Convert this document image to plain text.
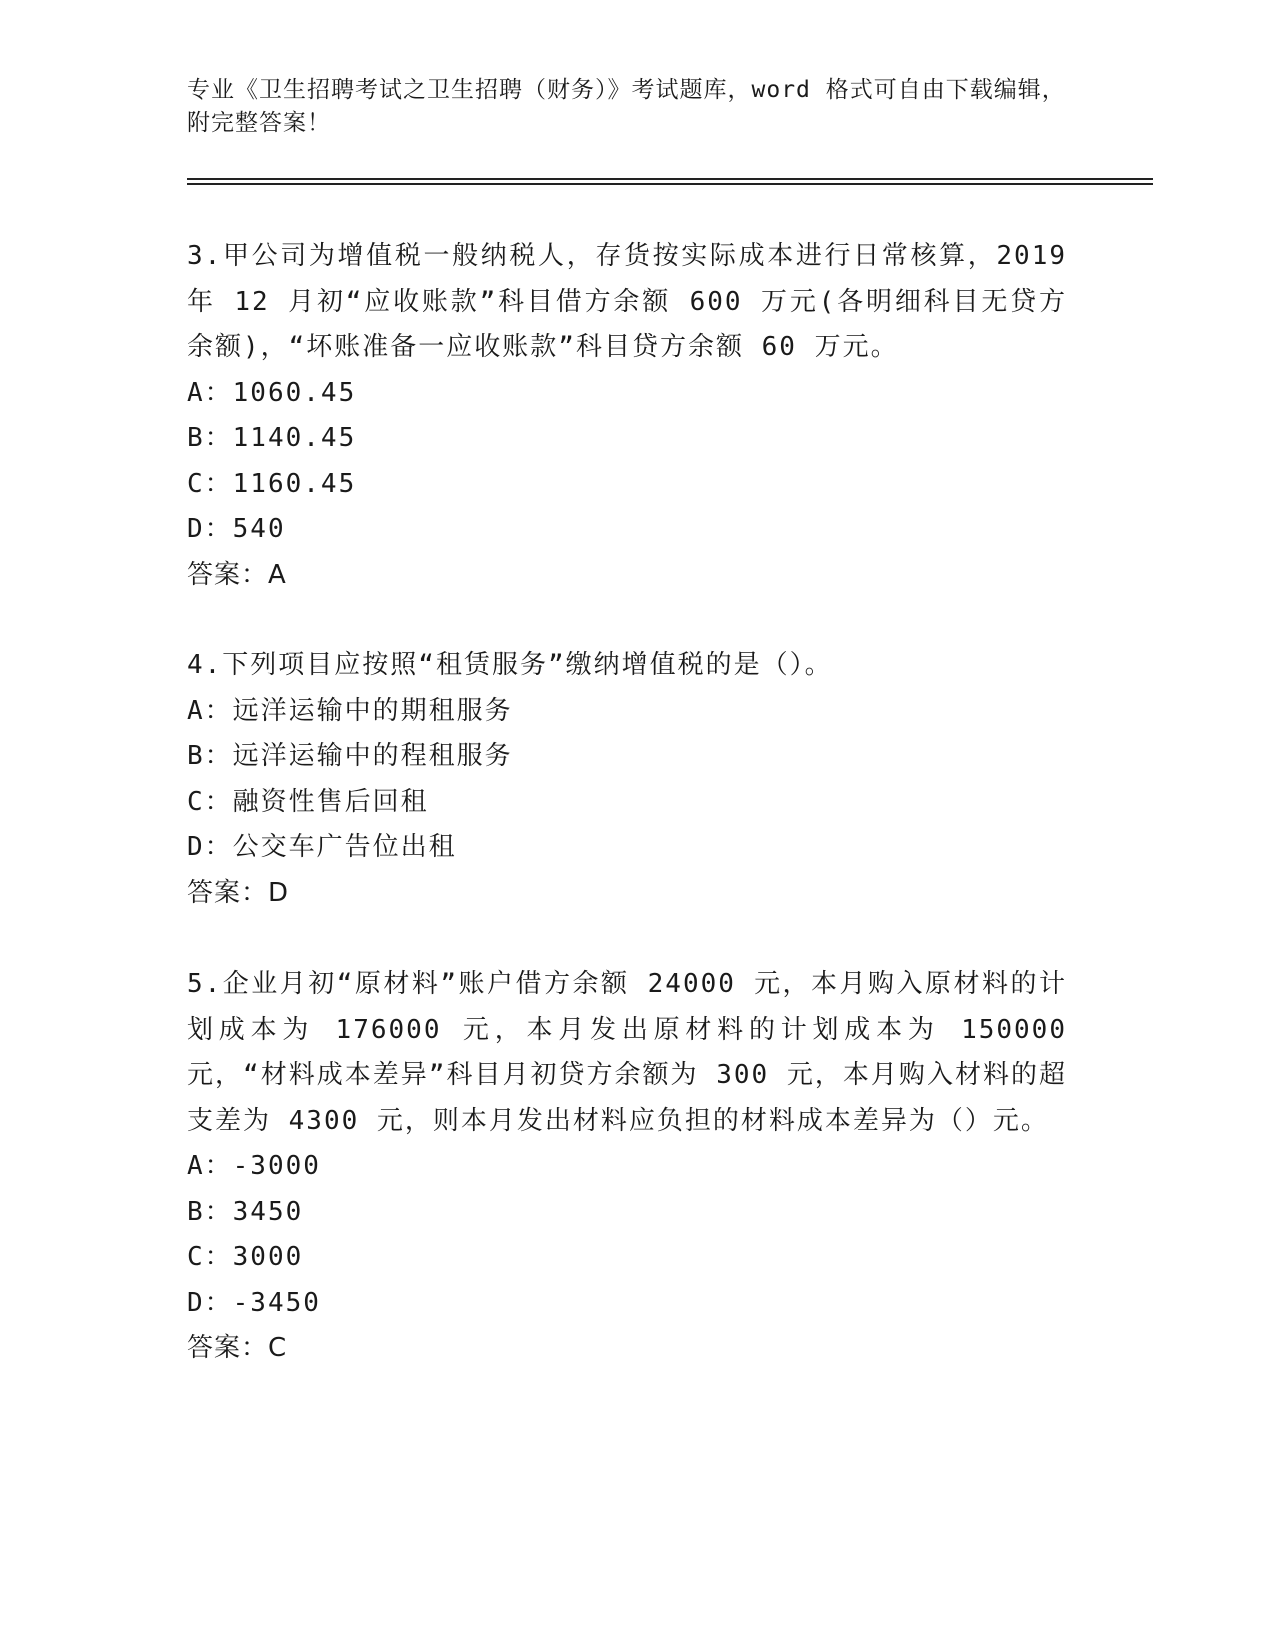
专业《卫生招聘考试之卫生招聘（财务）》考试题库，word 格式可自由下载编辑，附完整答案！
3.甲公司为增值税一般纳税人，存货按实际成本进行日常核算，2019 年 12 月初“应收账款”科目借方余额 600 万元(各明细科目无贷方余额)，“坏账准备一应收账款”科目贷方余额 60 万元。
A：1060.45
B：1140.45
C：1160.45
D：540
答案：A
4.下列项目应按照“租赁服务”缴纳增值税的是（）。
A：远洋运输中的期租服务
B：远洋运输中的程租服务
C：融资性售后回租
D：公交车广告位出租
答案：D
5.企业月初“原材料”账户借方余额 24000 元，本月购入原材料的计划成本为 176000 元，本月发出原材料的计划成本为 150000 元，“材料成本差异”科目月初贷方余额为 300 元，本月购入材料的超支差为 4300 元，则本月发出材料应负担的材料成本差异为（）元。
A：-3000
B：3450
C：3000
D：-3450
答案：C
